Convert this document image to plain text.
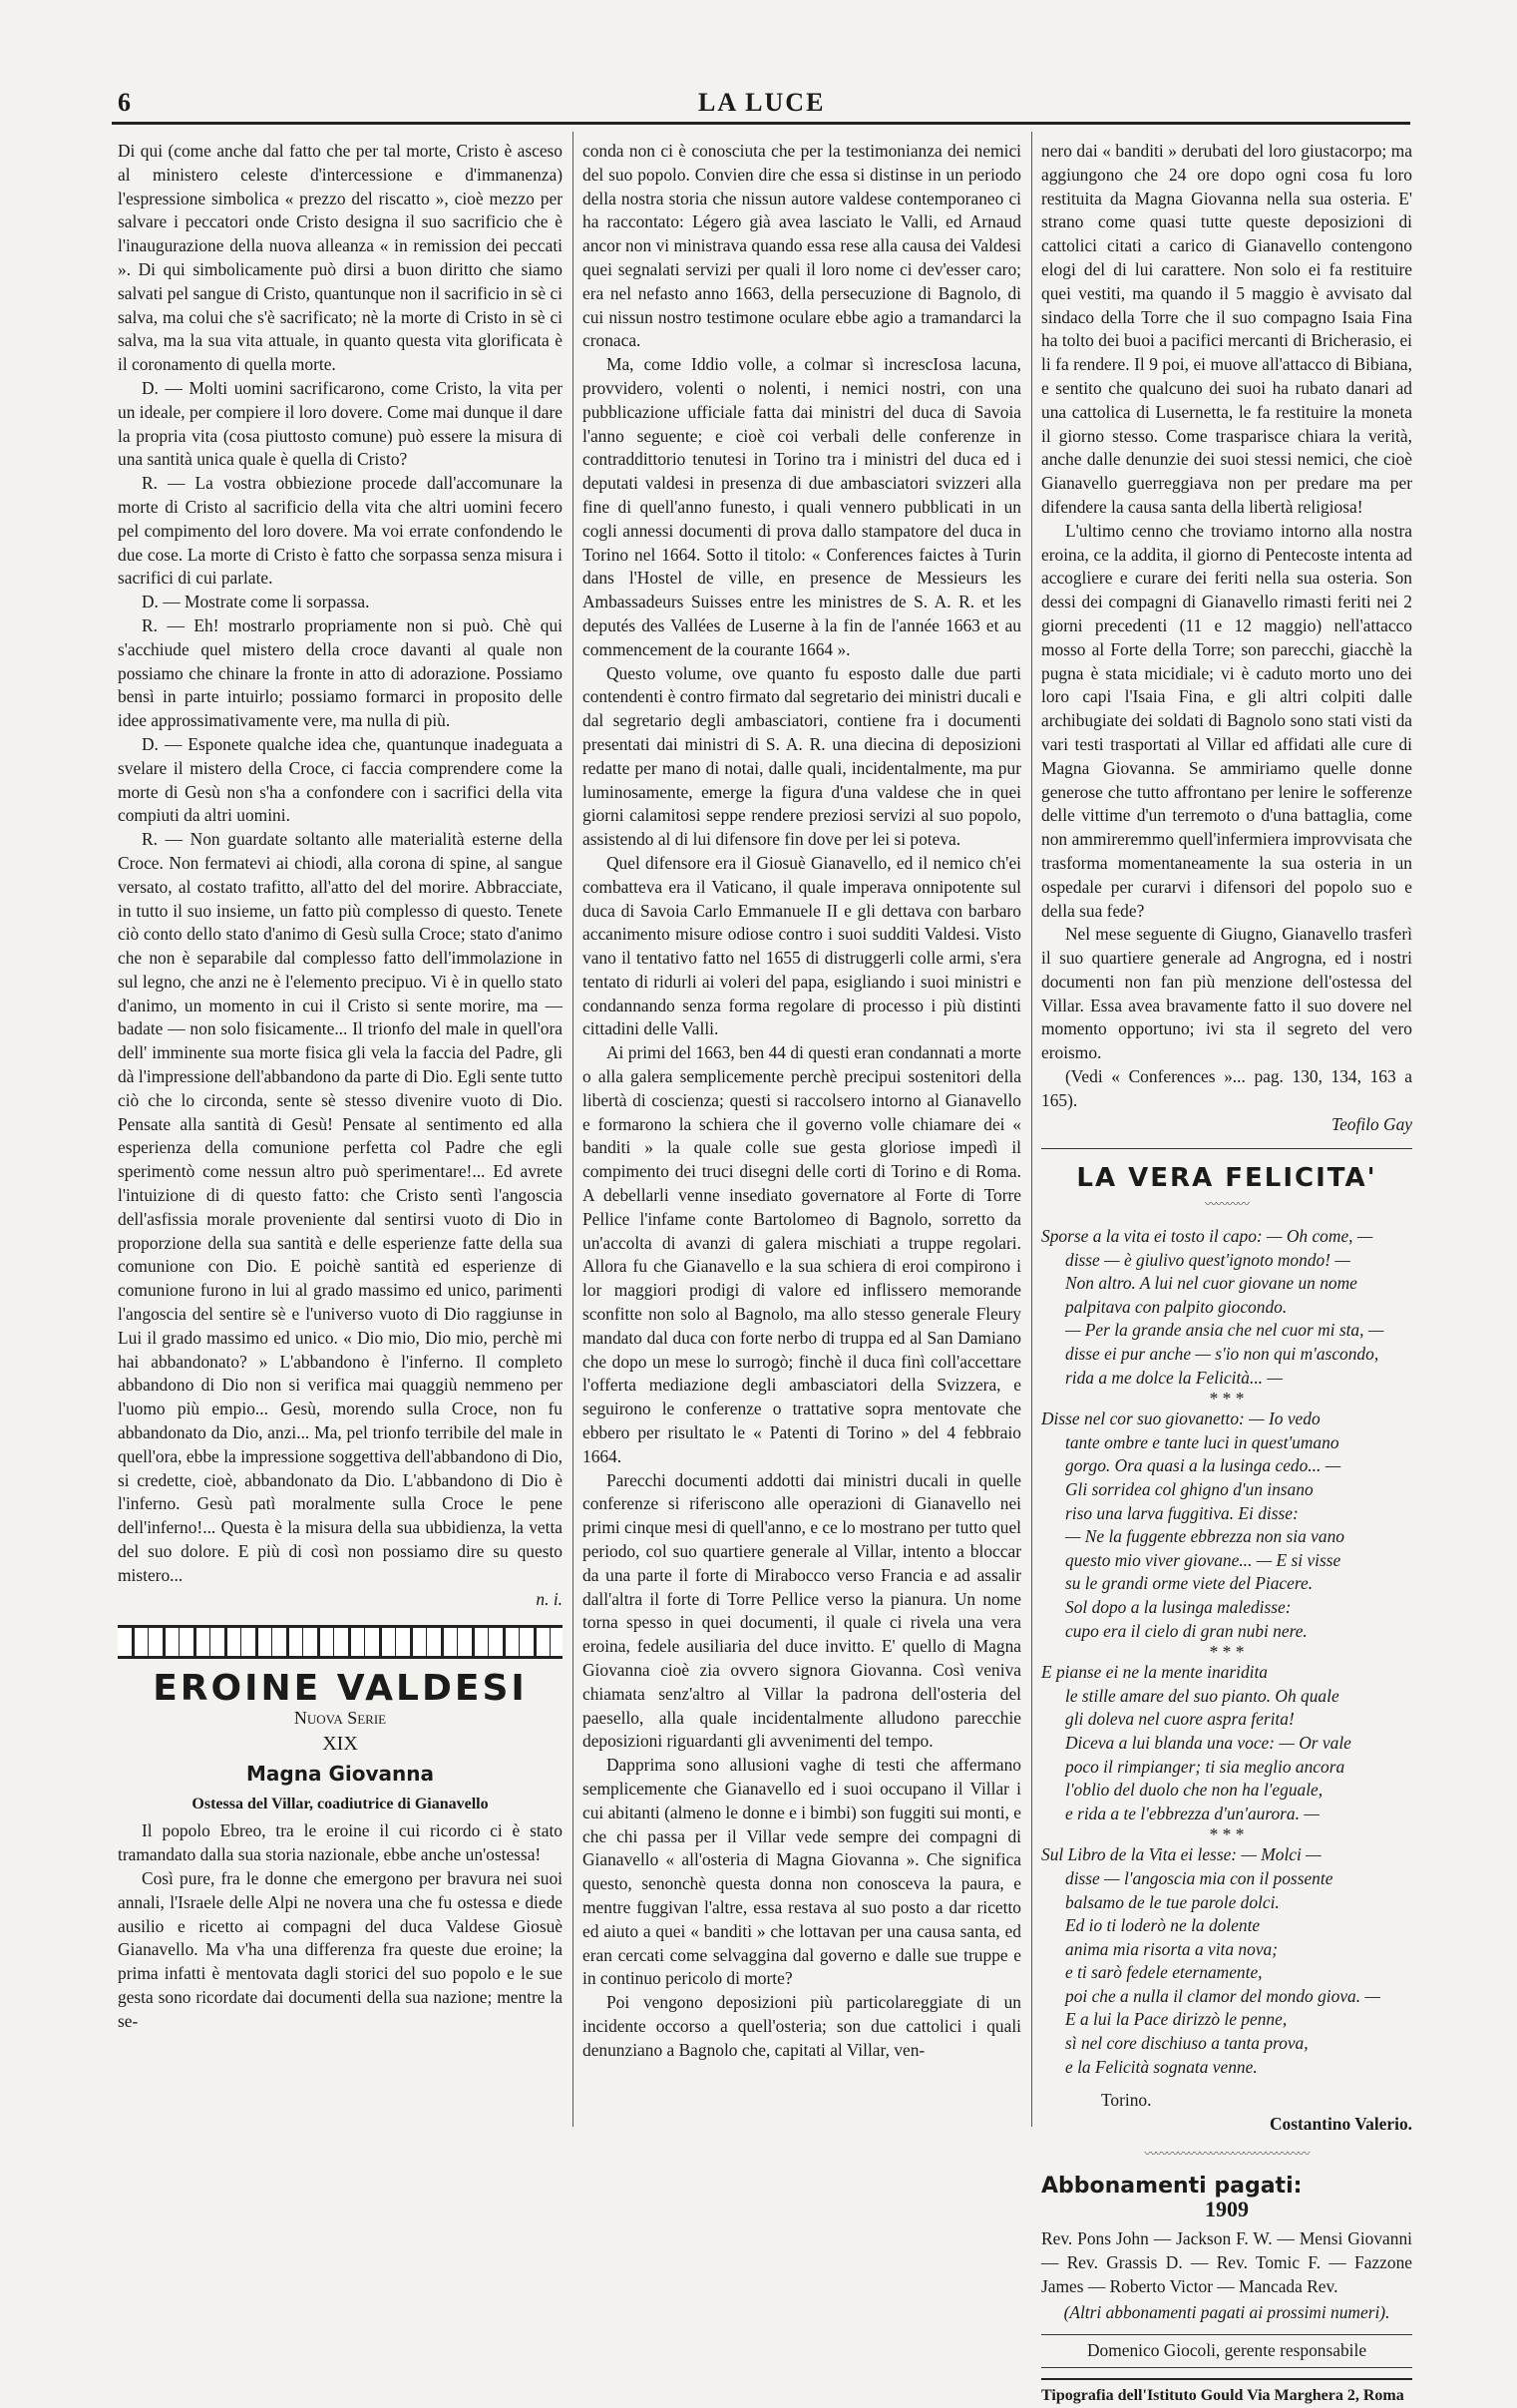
6	LA LUCE

Di qui (come anche dal fatto che per tal morte, Cristo è asceso al ministero celeste d'intercessione e d'immanenza) l'espressione simbolica « prezzo del riscatto », cioè mezzo per salvare i peccatori onde Cristo designa il suo sacrificio che è l'inaugurazione della nuova alleanza « in remission dei peccati ». Di qui simbolicamente può dirsi a buon diritto che siamo salvati pel sangue di Cristo, quantunque non il sacrificio in sè ci salva, ma colui che s'è sacrificato; nè la morte di Cristo in sè ci salva, ma la sua vita attuale, in quanto questa vita glorificata è il coronamento di quella morte.

D. — Molti uomini sacrificarono, come Cristo, la vita per un ideale, per compiere il loro dovere. Come mai dunque il dare la propria vita (cosa piuttosto comune) può essere la misura di una santità unica quale è quella di Cristo?

R. — La vostra obbiezione procede dall'accomunare la morte di Cristo al sacrificio della vita che altri uomini fecero pel compimento del loro dovere. Ma voi errate confondendo le due cose. La morte di Cristo è fatto che sorpassa senza misura i sacrifici di cui parlate.

D. — Mostrate come li sorpassa.

R. — Eh! mostrarlo propriamente non si può. Chè qui s'acchiude quel mistero della croce davanti al quale non possiamo che chinare la fronte in atto di adorazione. Possiamo bensì in parte intuirlo; possiamo formarci in proposito delle idee approssimativamente vere, ma nulla di più.

D. — Esponete qualche idea che, quantunque inadeguata a svelare il mistero della Croce, ci faccia comprendere come la morte di Gesù non s'ha a confondere con i sacrifici della vita compiuti da altri uomini.

R. — Non guardate soltanto alle materialità esterne della Croce. Non fermatevi ai chiodi, alla corona di spine, al sangue versato, al costato trafitto, all'atto del del morire. Abbracciate, in tutto il suo insieme, un fatto più complesso di questo. Tenete ciò conto dello stato d'animo di Gesù sulla Croce; stato d'animo che non è separabile dal complesso fatto dell'immolazione in sul legno, che anzi ne è l'elemento precipuo. Vi è in quello stato d'animo, un momento in cui il Cristo si sente morire, ma — badate — non solo fisicamente... Il trionfo del male in quell'ora dell' imminente sua morte fisica gli vela la faccia del Padre, gli dà l'impressione dell'abbandono da parte di Dio. Egli sente tutto ciò che lo circonda, sente sè stesso divenire vuoto di Dio. Pensate alla santità di Gesù! Pensate al sentimento ed alla esperienza della comunione perfetta col Padre che egli sperimentò come nessun altro può sperimentare!... Ed avrete l'intuizione di di questo fatto: che Cristo sentì l'angoscia dell'asfissia morale proveniente dal sentirsi vuoto di Dio in proporzione della sua santità e delle esperienze fatte della sua comunione con Dio. E poichè santità ed esperienze di comunione furono in lui al grado massimo ed unico, parimenti l'angoscia del sentire sè e l'universo vuoto di Dio raggiunse in Lui il grado massimo ed unico. « Dio mio, Dio mio, perchè mi hai abbandonato? » L'abbandono è l'inferno. Il completo abbandono di Dio non si verifica mai quaggiù nemmeno per l'uomo più empio... Gesù, morendo sulla Croce, non fu abbandonato da Dio, anzi... Ma, pel trionfo terribile del male in quell'ora, ebbe la impressione soggettiva dell'abbandono di Dio, si credette, cioè, abbandonato da Dio. L'abbandono di Dio è l'inferno. Gesù patì moralmente sulla Croce le pene dell'inferno!... Questa è la misura della sua ubbidienza, la vetta del suo dolore. E più di così non possiamo dire su questo mistero...

n. i.

EROINE VALDESI

Nuova Serie

XIX

Magna Giovanna
Ostessa del Villar, coadiutrice di Gianavello

Il popolo Ebreo, tra le eroine il cui ricordo ci è stato tramandato dalla sua storia nazionale, ebbe anche un'ostessa!

Così pure, fra le donne che emergono per bravura nei suoi annali, l'Israele delle Alpi ne novera una che fu ostessa e diede ausilio e ricetto ai compagni del duca Valdese Giosuè Gianavello. Ma v'ha una differenza fra queste due eroine; la prima infatti è mentovata dagli storici del suo popolo e le sue gesta sono ricordate dai documenti della sua nazione; mentre la se-

conda non ci è conosciuta che per la testimonianza dei nemici del suo popolo. Convien dire che essa si distinse in un periodo della nostra storia che nissun autore valdese contemporaneo ci ha raccontato: Légero già avea lasciato le Valli, ed Arnaud ancor non vi ministrava quando essa rese alla causa dei Valdesi quei segnalati servizi per quali il loro nome ci dev'esser caro; era nel nefasto anno 1663, della persecuzione di Bagnolo, di cui nissun nostro testimone oculare ebbe agio a tramandarci la cronaca.

Ma, come Iddio volle, a colmar sì increscIosa lacuna, provvidero, volenti o nolenti, i nemici nostri, con una pubblicazione ufficiale fatta dai ministri del duca di Savoia l'anno seguente; e cioè coi verbali delle conferenze in contraddittorio tenutesi in Torino tra i ministri del duca ed i deputati valdesi in presenza di due ambasciatori svizzeri alla fine di quell'anno funesto, i quali vennero pubblicati in un cogli annessi documenti di prova dallo stampatore del duca in Torino nel 1664. Sotto il titolo: « Conferences faictes à Turin dans l'Hostel de ville, en presence de Messieurs les Ambassadeurs Suisses entre les ministres de S. A. R. et les deputés des Vallées de Luserne à la fin de l'année 1663 et au commencement de la courante 1664 ».

Questo volume, ove quanto fu esposto dalle due parti contendenti è contro firmato dal segretario dei ministri ducali e dal segretario degli ambasciatori, contiene fra i documenti presentati dai ministri di S. A. R. una diecina di deposizioni redatte per mano di notai, dalle quali, incidentalmente, ma pur luminosamente, emerge la figura d'una valdese che in quei giorni calamitosi seppe rendere preziosi servizi al suo popolo, assistendo al di lui difensore fin dove per lei si poteva.

Quel difensore era il Giosuè Gianavello, ed il nemico ch'ei combatteva era il Vaticano, il quale imperava onnipotente sul duca di Savoia Carlo Emmanuele II e gli dettava con barbaro accanimento misure odiose contro i suoi sudditi Valdesi. Visto vano il tentativo fatto nel 1655 di distruggerli colle armi, s'era tentato di ridurli ai voleri del papa, esigliando i suoi ministri e condannando senza forma regolare di processo i più distinti cittadini delle Valli.

Ai primi del 1663, ben 44 di questi eran condannati a morte o alla galera semplicemente perchè precipui sostenitori della libertà di coscienza; questi si raccolsero intorno al Gianavello e formarono la schiera che il governo volle chiamare dei « banditi » la quale colle sue gesta gloriose impedì il compimento dei truci disegni delle corti di Torino e di Roma. A debellarli venne insediato governatore al Forte di Torre Pellice l'infame conte Bartolomeo di Bagnolo, sorretto da un'accolta di avanzi di galera mischiati a truppe regolari. Allora fu che Gianavello e la sua schiera di eroi compirono i lor maggiori prodigi di valore ed inflissero memorande sconfitte non solo al Bagnolo, ma allo stesso generale Fleury mandato dal duca con forte nerbo di truppa ed al San Damiano che dopo un mese lo surrogò; finchè il duca finì coll'accettare l'offerta mediazione degli ambasciatori della Svizzera, e seguirono le conferenze o trattative sopra mentovate che ebbero per risultato le « Patenti di Torino » del 4 febbraio 1664.

Parecchi documenti addotti dai ministri ducali in quelle conferenze si riferiscono alle operazioni di Gianavello nei primi cinque mesi di quell'anno, e ce lo mostrano per tutto quel periodo, col suo quartiere generale al Villar, intento a bloccar da una parte il forte di Mirabocco verso Francia e ad assalir dall'altra il forte di Torre Pellice verso la pianura. Un nome torna spesso in quei documenti, il quale ci rivela una vera eroina, fedele ausiliaria del duce invitto. E' quello di Magna Giovanna cioè zia ovvero signora Giovanna. Così veniva chiamata senz'altro al Villar la padrona dell'osteria del paesello, alla quale incidentalmente alludono parecchie deposizioni riguardanti gli avvenimenti del tempo.

Dapprima sono allusioni vaghe di testi che affermano semplicemente che Gianavello ed i suoi occupano il Villar i cui abitanti (almeno le donne e i bimbi) son fuggiti sui monti, e che chi passa per il Villar vede sempre dei compagni di Gianavello « all'osteria di Magna Giovanna ». Che significa questo, senonchè questa donna non conosceva la paura, e mentre fuggivan l'altre, essa restava al suo posto a dar ricetto ed aiuto a quei « banditi » che lottavan per una causa santa, ed eran cercati come selvaggina dal governo e dalle sue truppe e in continuo pericolo di morte?

Poi vengono deposizioni più particolareggiate di un incidente occorso a quell'osteria; son due cattolici i quali denunziano a Bagnolo che, capitati al Villar, ven-

nero dai « banditi » derubati del loro giustacorpo; ma aggiungono che 24 ore dopo ogni cosa fu loro restituita da Magna Giovanna nella sua osteria. E' strano come quasi tutte queste deposizioni di cattolici citati a carico di Gianavello contengono elogi del di lui carattere. Non solo ei fa restituire quei vestiti, ma quando il 5 maggio è avvisato dal sindaco della Torre che il suo compagno Isaia Fina ha tolto dei buoi a pacifici mercanti di Bricherasio, ei li fa rendere. Il 9 poi, ei muove all'attacco di Bibiana, e sentito che qualcuno dei suoi ha rubato danari ad una cattolica di Lusernetta, le fa restituire la moneta il giorno stesso. Come trasparisce chiara la verità, anche dalle denunzie dei suoi stessi nemici, che cioè Gianavello guerreggiava non per predare ma per difendere la causa santa della libertà religiosa!

L'ultimo cenno che troviamo intorno alla nostra eroina, ce la addita, il giorno di Pentecoste intenta ad accogliere e curare dei feriti nella sua osteria. Son dessi dei compagni di Gianavello rimasti feriti nei 2 giorni precedenti (11 e 12 maggio) nell'attacco mosso al Forte della Torre; son parecchi, giacchè la pugna è stata micidiale; vi è caduto morto uno dei loro capi l'Isaia Fina, e gli altri colpiti dalle archibugiate dei soldati di Bagnolo sono stati visti da vari testi trasportati al Villar ed affidati alle cure di Magna Giovanna. Se ammiriamo quelle donne generose che tutto affrontano per lenire le sofferenze delle vittime d'un terremoto o d'una battaglia, come non ammireremmo quell'infermiera improvvisata che trasforma momentaneamente la sua osteria in un ospedale per curarvi i difensori del popolo suo e della sua fede?

Nel mese seguente di Giugno, Gianavello trasferì il suo quartiere generale ad Angrogna, ed i nostri documenti non fan più menzione dell'ostessa del Villar. Essa avea bravamente fatto il suo dovere nel momento opportuno; ivi sta il segreto del vero eroismo.

(Vedi « Conferences »... pag. 130, 134, 163 a 165).

Teofilo Gay

LA VERA FELICITA'
〰〰〰〰
Sporse a la vita ei tosto il capo: — Oh come, —
disse — è giulivo quest'ignoto mondo! —
Non altro. A lui nel cuor giovane un nome
palpitava con palpito giocondo.
— Per la grande ansia che nel cuor mi sta, —
disse ei pur anche — s'io non qui m'ascondo,
rida a me dolce la Felicità... —

* * *

Disse nel cor suo giovanetto: — Io vedo
tante ombre e tante luci in quest'umano
gorgo. Ora quasi a la lusinga cedo... —
Gli sorridea col ghigno d'un insano
riso una larva fuggitiva. Ei disse:
— Ne la fuggente ebbrezza non sia vano
questo mio viver giovane... — E si visse
su le grandi orme viete del Piacere.
Sol dopo a la lusinga maledisse:
cupo era il cielo di gran nubi nere.

* * *

E pianse ei ne la mente inaridita
le stille amare del suo pianto. Oh quale
gli doleva nel cuore aspra ferita!
Diceva a lui blanda una voce: — Or vale
poco il rimpianger; ti sia meglio ancora
l'oblio del duolo che non ha l'eguale,
e rida a te l'ebbrezza d'un'aurora. —

* * *

Sul Libro de la Vita ei lesse: — Molci —
disse — l'angoscia mia con il possente
balsamo de le tue parole dolci.
Ed io ti loderò ne la dolente
anima mia risorta a vita nova;
e ti sarò fedele eternamente,
poi che a nulla il clamor del mondo giova. —
E a lui la Pace dirizzò le penne,
sì nel core dischiuso a tanta prova,
e la Felicità sognata venne.

Torino.

Costantino Valerio.

〰〰〰〰〰〰〰〰〰〰〰〰〰〰〰
Abbonamenti pagati:
1909

Rev. Pons John — Jackson F. W. — Mensi Giovanni — Rev. Grassis D. — Rev. Tomic F. — Fazzone James — Roberto Victor — Mancada Rev.

(Altri abbonamenti pagati ai prossimi numeri).

Domenico Giocoli, gerente responsabile
Tipografia dell'Istituto Gould Via Marghera 2, Roma
